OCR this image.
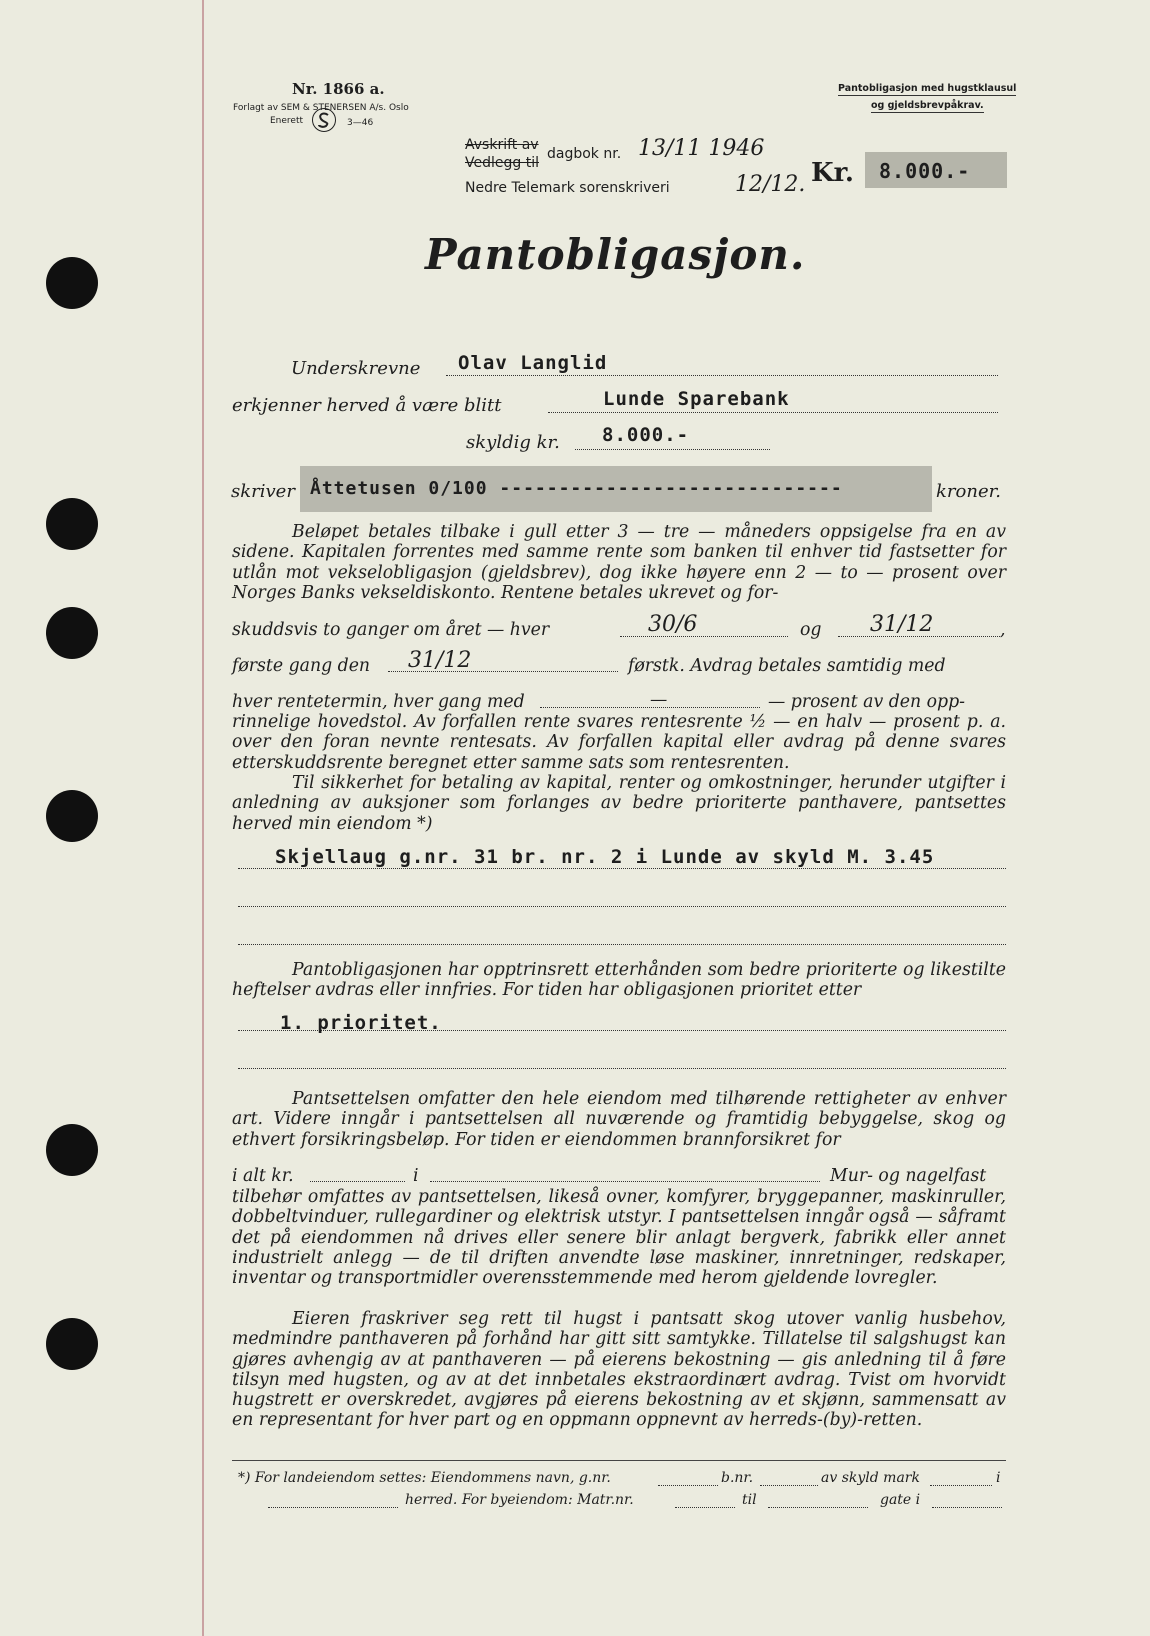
Nr. 1866 a.
Forlagt av SEM & STENERSEN A/s. Oslo
Enerett	3—46
Pantobligasjon med hugstklausul
og gjeldsbrevpåkrav.
Avskrift av
Vedlegg til
dagbok nr. 13/11 1946
Nedre Telemark sorenskriveri	12/12. Kr. 8.000.-
Pantobligasjon.
Underskrevne Olav Langlid
erkjenner herved å være blitt	Lunde Sparebank
skyldig kr. 8.000.-
skriver Åttetusen 0/100 -----------------------------	kroner.
Beløpet betales tilbake i gull etter 3 — tre — måneders oppsigelse fra en av sidene. Kapitalen forrentes med samme rente som banken til enhver tid fastsetter for utlån mot vekselobligasjon (gjeldsbrev), dog ikke høyere enn 2 — to — prosent over Norges Banks vekseldiskonto. Rentene betales ukrevet og for-
skuddsvis to ganger om året — hver	30/6	og 31/12	,
første gang den 31/12	førstk. Avdrag betales samtidig med
hver rentetermin, hver gang med	—	— prosent av den opp-
rinnelige hovedstol. Av forfallen rente svares rentesrente ½ — en halv — prosent p. a. over den foran nevnte rentesats. Av forfallen kapital eller avdrag på denne svares etterskuddsrente beregnet etter samme sats som rentesrenten.
Til sikkerhet for betaling av kapital, renter og omkostninger, herunder utgifter i anledning av auksjoner som forlanges av bedre prioriterte panthavere, pantsettes herved min eiendom *)
Skjellaug g.nr. 31 br. nr. 2 i Lunde av skyld M. 3.45
Pantobligasjonen har opptrinsrett etterhånden som bedre prioriterte og likestilte heftelser avdras eller innfries. For tiden har obligasjonen prioritet etter
1. prioritet.
Pantsettelsen omfatter den hele eiendom med tilhørende rettigheter av enhver art. Videre inngår i pantsettelsen all nuværende og framtidig bebyggelse, skog og ethvert forsikringsbeløp. For tiden er eiendommen brannforsikret for
i alt kr.	i	Mur- og nagelfast
tilbehør omfattes av pantsettelsen, likeså ovner, komfyrer, bryggepanner, maskinruller, dobbeltvinduer, rullegardiner og elektrisk utstyr. I pantsettelsen inngår også — såframt det på eiendommen nå drives eller senere blir anlagt bergverk, fabrikk eller annet industrielt anlegg — de til driften anvendte løse maskiner, innretninger, redskaper, inventar og transportmidler overensstemmende med herom gjeldende lovregler.
Eieren fraskriver seg rett til hugst i pantsatt skog utover vanlig husbehov, medmindre panthaveren på forhånd har gitt sitt samtykke. Tillatelse til salgshugst kan gjøres avhengig av at panthaveren — på eierens bekostning — gis anledning til å føre tilsyn med hugsten, og av at det innbetales ekstraordinært avdrag. Tvist om hvorvidt hugstrett er overskredet, avgjøres på eierens bekostning av et skjønn, sammensatt av en representant for hver part og en oppmann oppnevnt av herreds-(by)-retten.
*) For landeiendom settes: Eiendommens navn, g.nr.	b.nr.	av skyld mark	i
herred. For byeiendom: Matr.nr.	til	gate i
